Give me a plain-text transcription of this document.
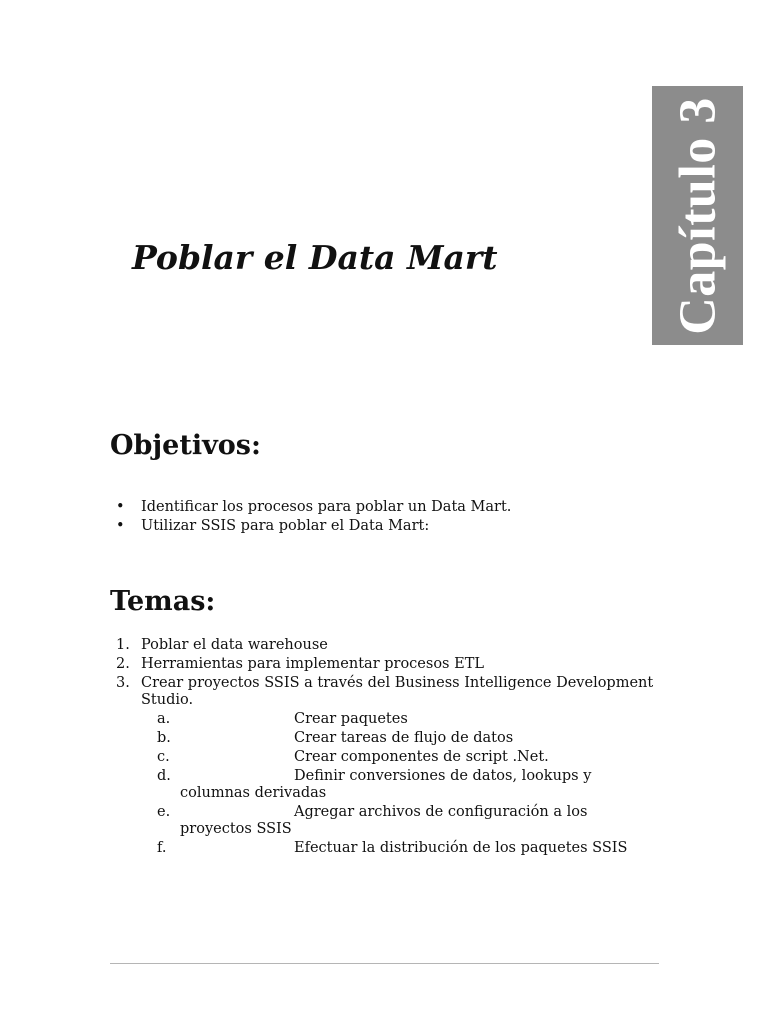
Capítulo 3
Poblar el Data Mart
Objetivos:
• Identificar los procesos para poblar un Data Mart.
• Utilizar SSIS para poblar el Data Mart:
Temas:
1. Poblar el data warehouse
2. Herramientas para implementar procesos ETL
3. Crear proyectos SSIS a través del Business Intelligence Development Studio.
a.	Crear paquetes
b.	Crear tareas de flujo de datos
c.	Crear componentes de script .Net.
d.	Definir conversiones de datos, lookups y
columnas derivadas
e.	Agregar archivos de configuración a los
proyectos SSIS
f.	Efectuar la distribución de los paquetes SSIS
